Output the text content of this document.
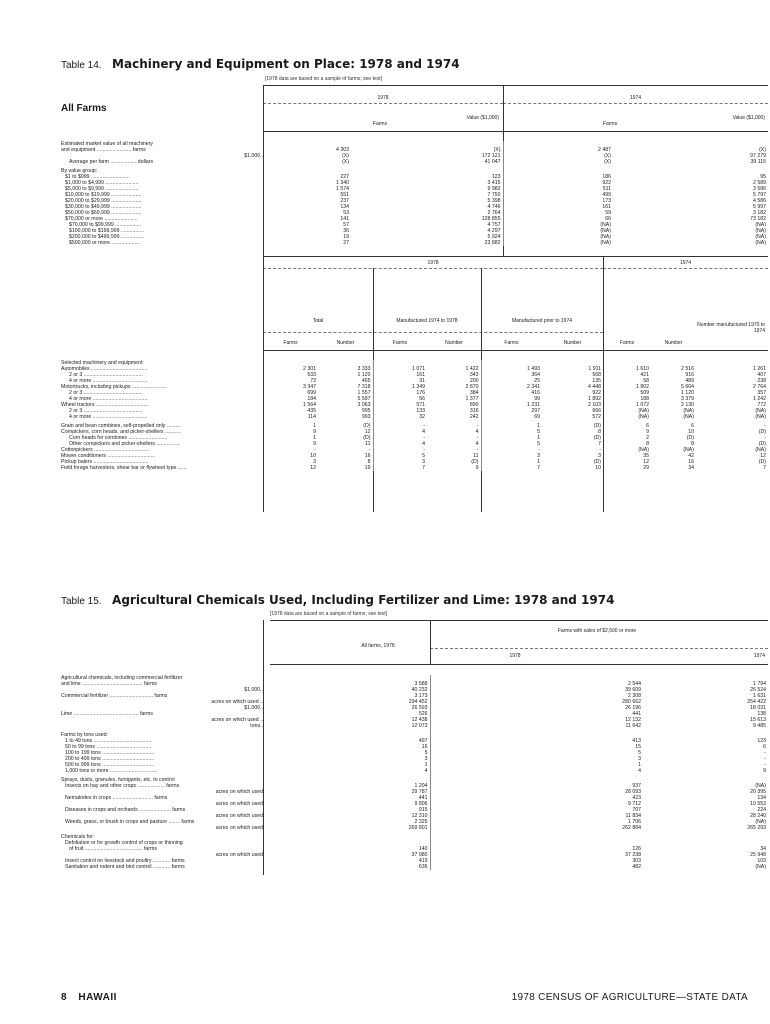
Table 14. Machinery and Equipment on Place: 1978 and 1974
[1978 data are based on a sample of farms; see text]
All Farms
1978	1974
Farms
Value ($1,000)
Farms
Value ($1,000)
Estimated market value of all machinery				
and equipment ........................ farms	4 303	(X)	2 487	(X)
$1,000..	(X)	172 121	(X)	97 279
Average per farm .................. dollars	(X)	41 047	(X)	39 115

By value group:				
$1 to $999 ...........................	227	123	186	95
$1,000 to $4,999 .......................	1 340	3 415	922	2 589
$5,000 to $9,999 .......................	1 574	9 982	511	3 586
$10,000 to $19,999 .....................	551	7 750	499	5 797
$20,000 to $29,999 .....................	237	5 398	173	4 586
$30,000 to $49,999 .....................	134	4 746	161	5 997
$50,000 to $69,999 .....................	53	2 764	59	3 182
$70,000 or more .......................	141	128 855	66	73 182
$70,000 to $99,999 ..................	57	4 757	(NA)	(NA)
$100,000 to $199,999 ................	36	4 297	(NA)	(NA)
$200,000 to $499,999 ................	19	5 924	(NA)	(NA)
$500,000 or more ....................	27	23 882	(NA)	(NA)
1978	1974
Total	Manufactured 1974 to 1978	Manufactured prior to 1974
Number manufactured 1970 to 1974
Farms	Number	Farms	Number	Farms	Number	Farms	Number
Selected machinery and equipment:									
Automobiles .......................................	2 301	3 333	1 071	1 422	1 493	1 911	1 610	2 516	1 261
2 or 3 .........................................	533	1 120	161	343	364	568	421	916	407
4 or more ......................................	73	465	31	200	25	135	58	489	238
Motortrucks, including pickups ........................	3 347	7 318	1 349	2 870	2 341	4 448	1 802	5 604	2 764
2 or 3 .........................................	699	1 557	176	384	416	922	509	1 120	357
4 or more ......................................	184	5 597	56	1 377	99	1 892	188	3 379	1 242
Wheel tractors .....................................	1 564	3 063	571	890	1 231	2 103	1 072	2 130	772
2 or 3 .........................................	435	995	133	316	297	666	(NA)	(NA)	(NA)
4 or more ......................................	114	993	32	242	69	572	(NA)	(NA)	(NA)

Grain and bean combines, self-propelled only ..........	1	(D)	-	-	1	(D)	6	6	-
Cornpickers, corn heads, and picker-shellers ...........	9	12	4	4	5	8	9	10	(D)
Corn heads for combines ...........................	1	(D)	-	-	1	(D)	2	(D)	-
Other cornpickers and picker-shellers ................	9	11	4	4	5	7	8	8	(D)
Cottonpickers ......................................	-	-	-	-	-	-	(NA)	(NA)	(NA)
Mower conditioners .................................	10	16	5	11	3	3	35	42	12
Pickup balers ......................................	3	8	3	(D)	1	(D)	12	16	(D)
Field forage harvesters, shear bar or flywheel type ......	12	19	7	9	7	10	29	34	7
Table 15. Agricultural Chemicals Used, Including Fertilizer and Lime: 1978 and 1974
[1978 data are based on a sample of farms; see text]
All farms, 1978
Farms with sales of $2,500 or more
1978	1974
Agricultural chemicals, including commercial fertilizer			
and lime .......................................... farms	3 588	2 544	1 794
$1,000..	40 232	39 609	26 524
Commercial fertilizer .............................. farms	3 173	2 308	1 631
acres on which used ..	294 452	280 662	254 422
$1,000..	26 593	26 196	18 031
Lime ............................................. farms	526	441	138
acres on which used ..	12 438	12 132	15 613
tons..	12 073	11 642	9 485

Farms by tons used:			
1 to 49 tons ........................................	497	413	123
50 to 99 tons ......................................	16	15	6
100 to 199 tons ....................................	5	5	-
200 to 499 tons ....................................	3	3	-
500 to 999 tons ....................................	1	1	-
1,000 tons or more .................................	4	4	9

Sprays, dusts, granules, fumigants, etc. to control			
Insects on hay and other crops ................... farms	1 204	937	(NA)
acres on which used	29 787	28 093	20 395
Nematodes in crops ............................ farms	441	423	134
acres on which used	9 806	9 712	10 553
Diseases in crops and orchards ...................... farms	915	707	224
acres on which used	12 310	11 834	28 240
Weeds, grass, or brush in crops and pasture ........ farms	2 325	1 706	(NA)
acres on which used	269 801	262 884	265 293

Chemicals for:			
Defoliation or for growth control of crops or thinning			
of fruit ........................................ farms	140	126	34
acres on which used	37 980	37 238	25 948
Insect control on livestock and poultry ............ farms	419	303	103
Sanitation and rodent and bird control ............ farms	636	482	(NA)
8 HAWAII	1978 CENSUS OF AGRICULTURE—STATE DATA
